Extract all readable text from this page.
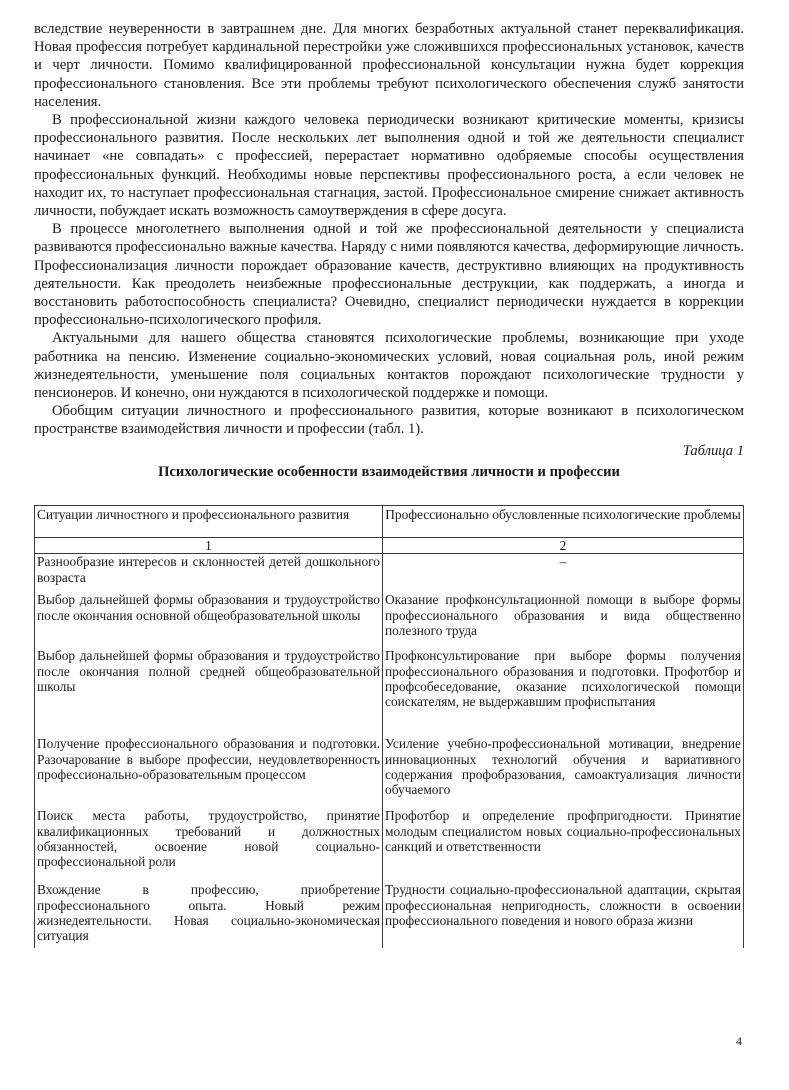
вследствие неуверенности в завтрашнем дне. Для многих безработных актуальной станет переквалификация. Новая профессия потребует кардинальной перестройки уже сложившихся профессиональных установок, качеств и черт личности. Помимо квалифицированной профессиональной консультации нужна будет коррекция профессионального становления. Все эти проблемы требуют психологического обеспечения служб занятости населения.

В профессиональной жизни каждого человека периодически возникают критические моменты, кризисы профессионального развития. После нескольких лет выполнения одной и той же деятельности специалист начинает «не совпадать» с профессией, перерастает нормативно одобряемые способы осуществления профессиональных функций. Необходимы новые перспективы профессионального роста, а если человек не находит их, то наступает профессиональная стагнация, застой. Профессиональное смирение снижает активность личности, побуждает искать возможность самоутверждения в сфере досуга.

В процессе многолетнего выполнения одной и той же профессиональной деятельности у специалиста развиваются профессионально важные качества. Наряду с ними появляются качества, деформирующие личность. Профессионализация личности порождает образование качеств, деструктивно влияющих на продуктивность деятельности. Как преодолеть неизбежные профессиональные деструкции, как поддержать, а иногда и восстановить работоспособность специалиста? Очевидно, специалист периодически нуждается в коррекции профессионально-психологического профиля.

Актуальными для нашего общества становятся психологические проблемы, возникающие при уходе работника на пенсию. Изменение социально-экономических условий, новая социальная роль, иной режим жизнедеятельности, уменьшение поля социальных контактов порождают психологические трудности у пенсионеров. И конечно, они нуждаются в психологической поддержке и помощи.

Обобщим ситуации личностного и профессионального развития, которые возникают в психологическом пространстве взаимодействия личности и профессии (табл. 1).

Таблица 1

Психологические особенности взаимодействия личности и профессии

Ситуации личностного и профессионального развития	Профессионально обусловленные психологические проблемы
1	2
Разнообразие интересов и склонностей детей дошкольного возраста	–
Выбор дальнейшей формы образования и трудоустройство после окончания основной общеобразовательной школы	Оказание профконсультационной помощи в выборе формы профессионального образования и вида общественно полезного труда
Выбор дальнейшей формы образования и трудоустройство после окончания полной средней общеобразовательной школы	Профконсультирование при выборе формы получения профессионального образования и подготовки. Профотбор и профсобеседование, оказание психологической помощи соискателям, не выдержавшим профиспытания
Получение профессионального образования и подготовки. Разочарование в выборе профессии, неудовлетворенность профессионально-образовательным процессом	Усиление учебно-профессиональной мотивации, внедрение инновационных технологий обучения и вариативного содержания профобразования, самоактуализация личности обучаемого
Поиск места работы, трудоустройство, принятие квалификационных требований и должностных обязанностей, освоение новой социально-профессиональной роли	Профотбор и определение профпригодности. Принятие молодым специалистом новых социально-профессиональных санкций и ответственности
Вхождение в профессию, приобретение профессионального опыта. Новый режим жизнедеятельности. Новая социально-экономическая ситуация	Трудности социально-профессиональной адаптации, скрытая профессиональная непригодность, сложности в освоении профессионального поведения и нового образа жизни
4
